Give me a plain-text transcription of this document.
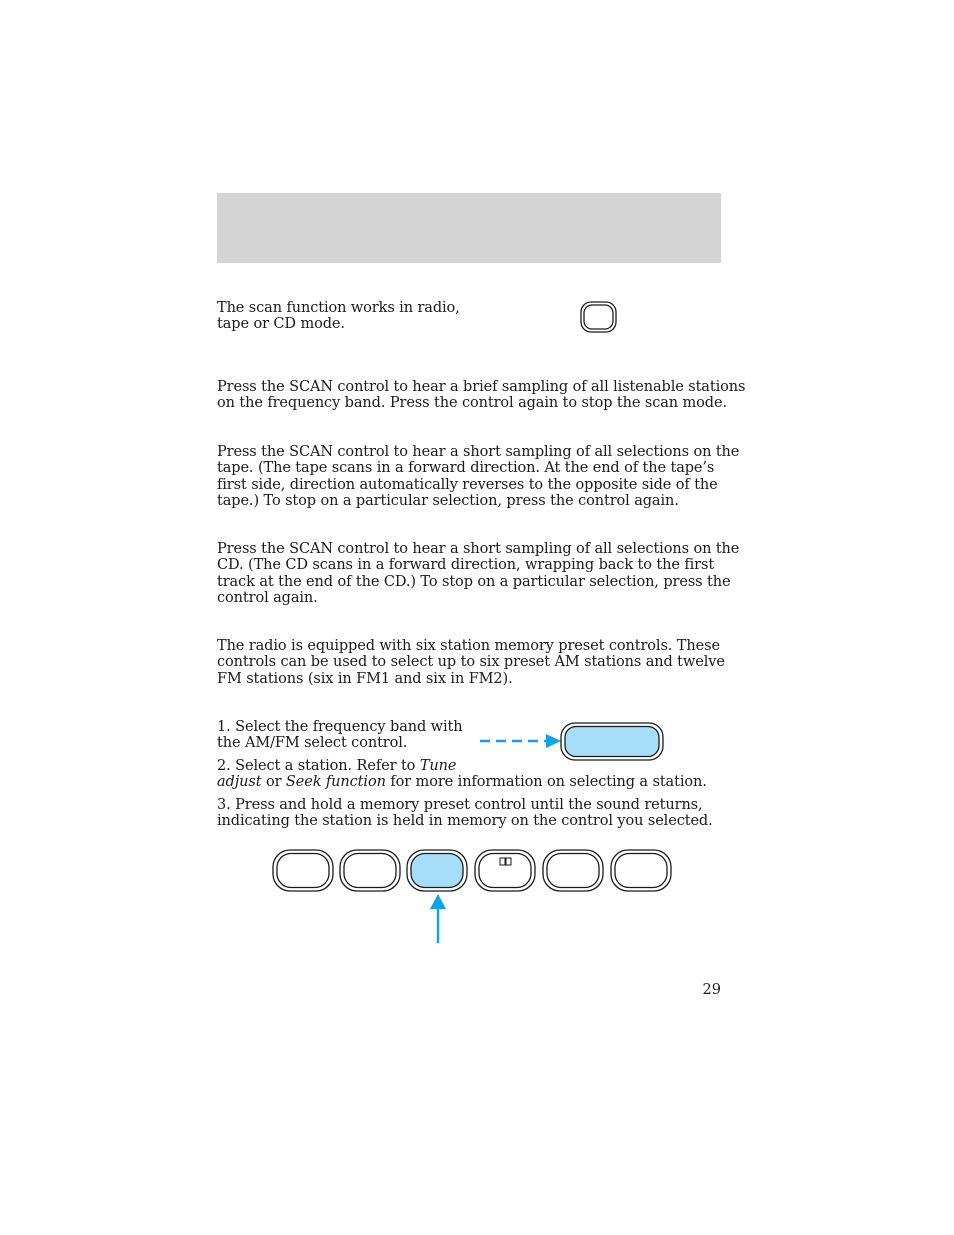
The scan function works in radio,
tape or CD mode.

Press the SCAN control to hear a brief sampling of all listenable stations
on the frequency band. Press the control again to stop the scan mode.

Press the SCAN control to hear a short sampling of all selections on the
tape. (The tape scans in a forward direction. At the end of the tape’s
first side, direction automatically reverses to the opposite side of the
tape.) To stop on a particular selection, press the control again.

Press the SCAN control to hear a short sampling of all selections on the
CD. (The CD scans in a forward direction, wrapping back to the first
track at the end of the CD.) To stop on a particular selection, press the
control again.

The radio is equipped with six station memory preset controls. These
controls can be used to select up to six preset AM stations and twelve
FM stations (six in FM1 and six in FM2).

1. Select the frequency band with
the AM/FM select control.

2. Select a station. Refer to Tune
adjust or Seek function for more information on selecting a station.

3. Press and hold a memory preset control until the sound returns,
indicating the station is held in memory on the control you selected.

29
